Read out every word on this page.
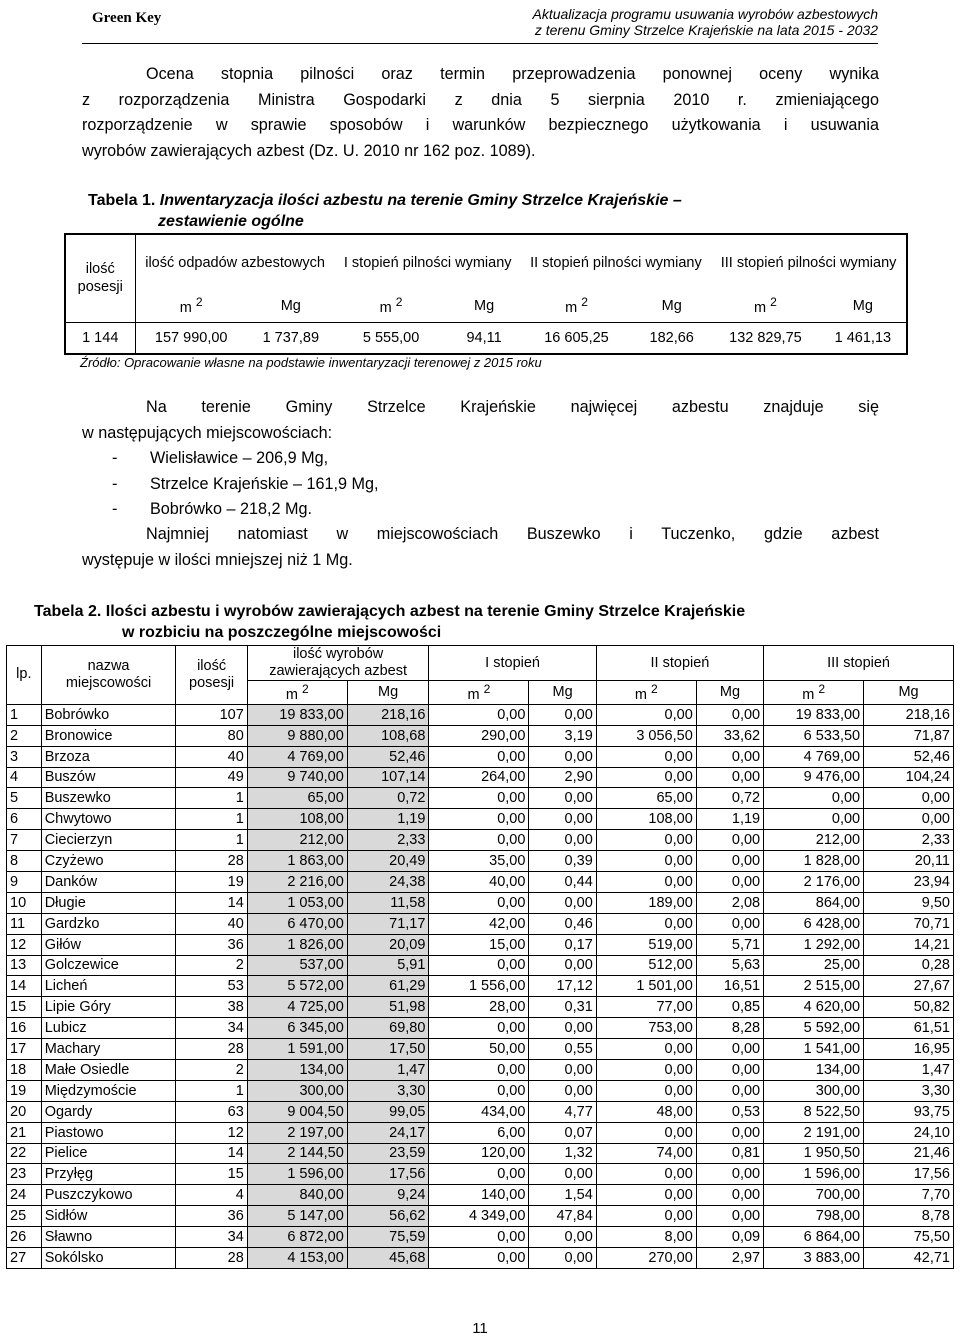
Green Key	Aktualizacja programu usuwania wyrobów azbestowych
z terenu Gminy Strzelce Krajeńskie na lata 2015 - 2032
Ocena stopnia pilności oraz termin przeprowadzenia ponownej oceny wynika
z rozporządzenia Ministra Gospodarki z dnia 5 sierpnia 2010 r. zmieniającego
rozporządzenie w sprawie sposobów i warunków bezpiecznego użytkowania i usuwania
wyrobów zawierających azbest (Dz. U. 2010 nr 162 poz. 1089).
Tabela 1. Inwentaryzacja ilości azbestu na terenie Gminy Strzelce Krajeńskie –
zestawienie ogólne
ilość posesji	ilość odpadów azbestowych		I stopień pilności wymiany		II stopień pilności wymiany		III stopień pilności wymiany	
	m $^2$	Mg	m $^2$	Mg	m $^2$	Mg	m $^2$	Mg
1 144	157 990,00	1 737,89	5 555,00	94,11	16 605,25	182,66	132 829,75	1 461,13
Źródło: Opracowanie własne na podstawie inwentaryzacji terenowej z 2015 roku
Na terenie Gminy Strzelce Krajeńskie najwięcej azbestu znajduje się
w następujących miejscowościach:
- Wielisławice – 206,9 Mg,
- Strzelce Krajeńskie – 161,9 Mg,
- Bobrówko – 218,2 Mg.
Najmniej natomiast w miejscowościach Buszewko i Tuczenko, gdzie azbest
występuje w ilości mniejszej niż 1 Mg.
Tabela 2. Ilości azbestu i wyrobów zawierających azbest na terenie Gminy Strzelce Krajeńskie
w rozbiciu na poszczególne miejscowości
lp.	nazwa miejscowości	ilość posesji	ilość wyrobów zawierających azbest		I stopień		II stopień		III stopień	
			m $^2$	Mg	m $^2$	Mg	m $^2$	Mg	m $^2$	Mg
1	Bobrówko	107	19 833,00	218,16	0,00	0,00	0,00	0,00	19 833,00	218,16
2	Bronowice	80	9 880,00	108,68	290,00	3,19	3 056,50	33,62	6 533,50	71,87
3	Brzoza	40	4 769,00	52,46	0,00	0,00	0,00	0,00	4 769,00	52,46
4	Buszów	49	9 740,00	107,14	264,00	2,90	0,00	0,00	9 476,00	104,24
5	Buszewko	1	65,00	0,72	0,00	0,00	65,00	0,72	0,00	0,00
6	Chwytowo	1	108,00	1,19	0,00	0,00	108,00	1,19	0,00	0,00
7	Ciecierzyn	1	212,00	2,33	0,00	0,00	0,00	0,00	212,00	2,33
8	Czyżewo	28	1 863,00	20,49	35,00	0,39	0,00	0,00	1 828,00	20,11
9	Danków	19	2 216,00	24,38	40,00	0,44	0,00	0,00	2 176,00	23,94
10	Długie	14	1 053,00	11,58	0,00	0,00	189,00	2,08	864,00	9,50
11	Gardzko	40	6 470,00	71,17	42,00	0,46	0,00	0,00	6 428,00	70,71
12	Giłów	36	1 826,00	20,09	15,00	0,17	519,00	5,71	1 292,00	14,21
13	Golczewice	2	537,00	5,91	0,00	0,00	512,00	5,63	25,00	0,28
14	Licheń	53	5 572,00	61,29	1 556,00	17,12	1 501,00	16,51	2 515,00	27,67
15	Lipie Góry	38	4 725,00	51,98	28,00	0,31	77,00	0,85	4 620,00	50,82
16	Lubicz	34	6 345,00	69,80	0,00	0,00	753,00	8,28	5 592,00	61,51
17	Machary	28	1 591,00	17,50	50,00	0,55	0,00	0,00	1 541,00	16,95
18	Małe Osiedle	2	134,00	1,47	0,00	0,00	0,00	0,00	134,00	1,47
19	Międzymoście	1	300,00	3,30	0,00	0,00	0,00	0,00	300,00	3,30
20	Ogardy	63	9 004,50	99,05	434,00	4,77	48,00	0,53	8 522,50	93,75
21	Piastowo	12	2 197,00	24,17	6,00	0,07	0,00	0,00	2 191,00	24,10
22	Pielice	14	2 144,50	23,59	120,00	1,32	74,00	0,81	1 950,50	21,46
23	Przyłęg	15	1 596,00	17,56	0,00	0,00	0,00	0,00	1 596,00	17,56
24	Puszczykowo	4	840,00	9,24	140,00	1,54	0,00	0,00	700,00	7,70
25	Sidłów	36	5 147,00	56,62	4 349,00	47,84	0,00	0,00	798,00	8,78
26	Sławno	34	6 872,00	75,59	0,00	0,00	8,00	0,09	6 864,00	75,50
27	Sokólsko	28	4 153,00	45,68	0,00	0,00	270,00	2,97	3 883,00	42,71
11
